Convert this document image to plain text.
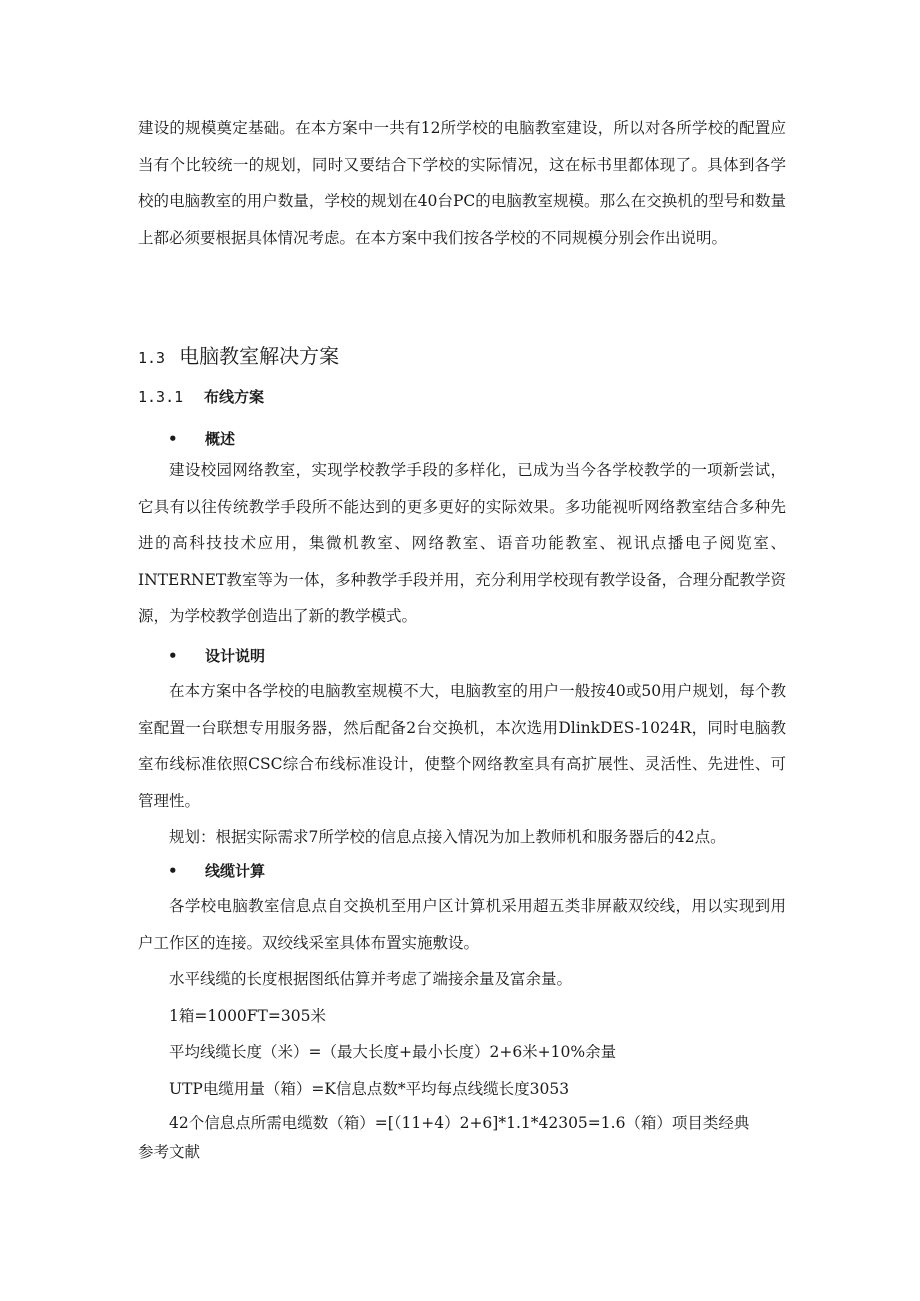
建设的规模奠定基础。在本方案中一共有12所学校的电脑教室建设，所以对各所学校的配置应当有个比较统一的规划，同时又要结合下学校的实际情况，这在标书里都体现了。具体到各学校的电脑教室的用户数量，学校的规划在40台PC的电脑教室规模。那么在交换机的型号和数量上都必须要根据具体情况考虑。在本方案中我们按各学校的不同规模分别会作出说明。

1.3 电脑教室解决方案
1.3.1 布线方案
• 概述

建设校园网络教室，实现学校教学手段的多样化，已成为当今各学校教学的一项新尝试，它具有以往传统教学手段所不能达到的更多更好的实际效果。多功能视听网络教室结合多种先进的高科技技术应用，集微机教室、网络教室、语音功能教室、视讯点播电子阅览室、INTERNET教室等为一体，多种教学手段并用，充分利用学校现有教学设备，合理分配教学资源，为学校教学创造出了新的教学模式。

• 设计说明

在本方案中各学校的电脑教室规模不大，电脑教室的用户一般按40或50用户规划，每个教室配置一台联想专用服务器，然后配备2台交换机，本次选用DlinkDES-1024R，同时电脑教室布线标准依照CSC综合布线标准设计，使整个网络教室具有高扩展性、灵活性、先进性、可管理性。

规划：根据实际需求7所学校的信息点接入情况为加上教师机和服务器后的42点。

• 线缆计算

各学校电脑教室信息点自交换机至用户区计算机采用超五类非屏蔽双绞线，用以实现到用户工作区的连接。双绞线采室具体布置实施敷设。

水平线缆的长度根据图纸估算并考虑了端接余量及富余量。

1箱=1000FT=305米

平均线缆长度（米）=（最大长度+最小长度）2+6米+10%余量

UTP电缆用量（箱）=K信息点数*平均每点线缆长度3053

42个信息点所需电缆数（箱）=[（11+4）2+6]*1.1*42305=1.6（箱）项目类经典

参考文献
